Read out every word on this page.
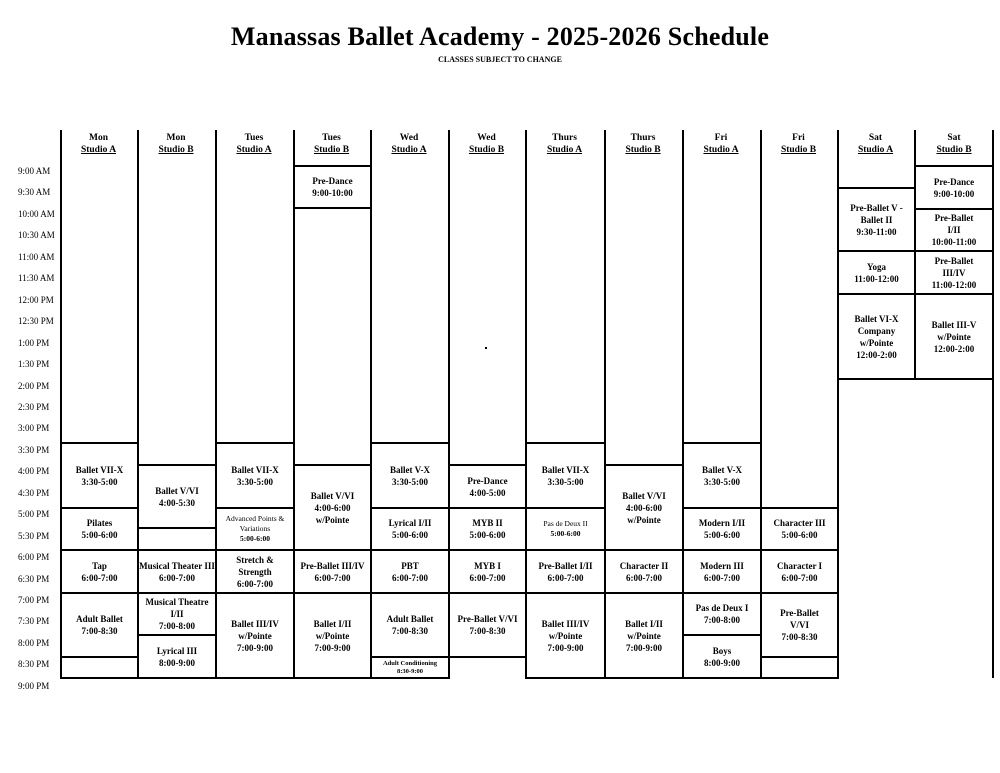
Manassas Ballet Academy - 2025-2026 Schedule
CLASSES SUBJECT TO CHANGE
Mon
Studio A
Mon
Studio B
Tues
Studio A
Tues
Studio B
Wed
Studio A
Wed
Studio B
Thurs
Studio A
Thurs
Studio B
Fri
Studio A
Fri
Studio B
Sat
Studio A
Sat
Studio B
9:00 AM
9:30 AM
10:00 AM
10:30 AM
11:00 AM
11:30 AM
12:00 PM
12:30 PM
1:00 PM
1:30 PM
2:00 PM
2:30 PM
3:00 PM
3:30 PM
4:00 PM
4:30 PM
5:00 PM
5:30 PM
6:00 PM
6:30 PM
7:00 PM
7:30 PM
8:00 PM
8:30 PM
9:00 PM
Pre-Dance
9:00-10:00
Pre-Ballet V - Ballet II
9:30-11:00
Yoga
11:00-12:00
Ballet VI-X Company w/Pointe
12:00-2:00
Pre-Dance
9:00-10:00
Pre-Ballet I/II
10:00-11:00
Pre-Ballet III/IV
11:00-12:00
Ballet III-V w/Pointe
12:00-2:00
Ballet VII-X
3:30-5:00
Pilates
5:00-6:00
Tap
6:00-7:00
Adult Ballet
7:00-8:30
Ballet V/VI
4:00-5:30
Musical Theater III
6:00-7:00
Musical Theatre I/II
7:00-8:00
Lyrical III
8:00-9:00
Ballet VII-X
3:30-5:00
Advanced Points & Variations
5:00-6:00
Stretch & Strength
6:00-7:00
Ballet III/IV w/Pointe
7:00-9:00
Ballet V/VI
4:00-6:00
w/Pointe
Pre-Ballet III/IV
6:00-7:00
Ballet I/II w/Pointe
7:00-9:00
Ballet V-X
3:30-5:00
Lyrical I/II
5:00-6:00
PBT
6:00-7:00
Adult Ballet
7:00-8:30
Adult Conditioning
8:30-9:00
Pre-Dance
4:00-5:00
MYB II
5:00-6:00
MYB I
6:00-7:00
Pre-Ballet V/VI
7:00-8:30
Ballet VII-X
3:30-5:00
Pas de Deux II
5:00-6:00
Pre-Ballet I/II
6:00-7:00
Ballet III/IV w/Pointe
7:00-9:00
Ballet V/VI
4:00-6:00
w/Pointe
Character II
6:00-7:00
Ballet I/II w/Pointe
7:00-9:00
Ballet V-X
3:30-5:00
Modern I/II
5:00-6:00
Modern III
6:00-7:00
Pas de Deux I
7:00-8:00
Boys
8:00-9:00
Character III
5:00-6:00
Character I
6:00-7:00
Pre-Ballet V/VI
7:00-8:30
